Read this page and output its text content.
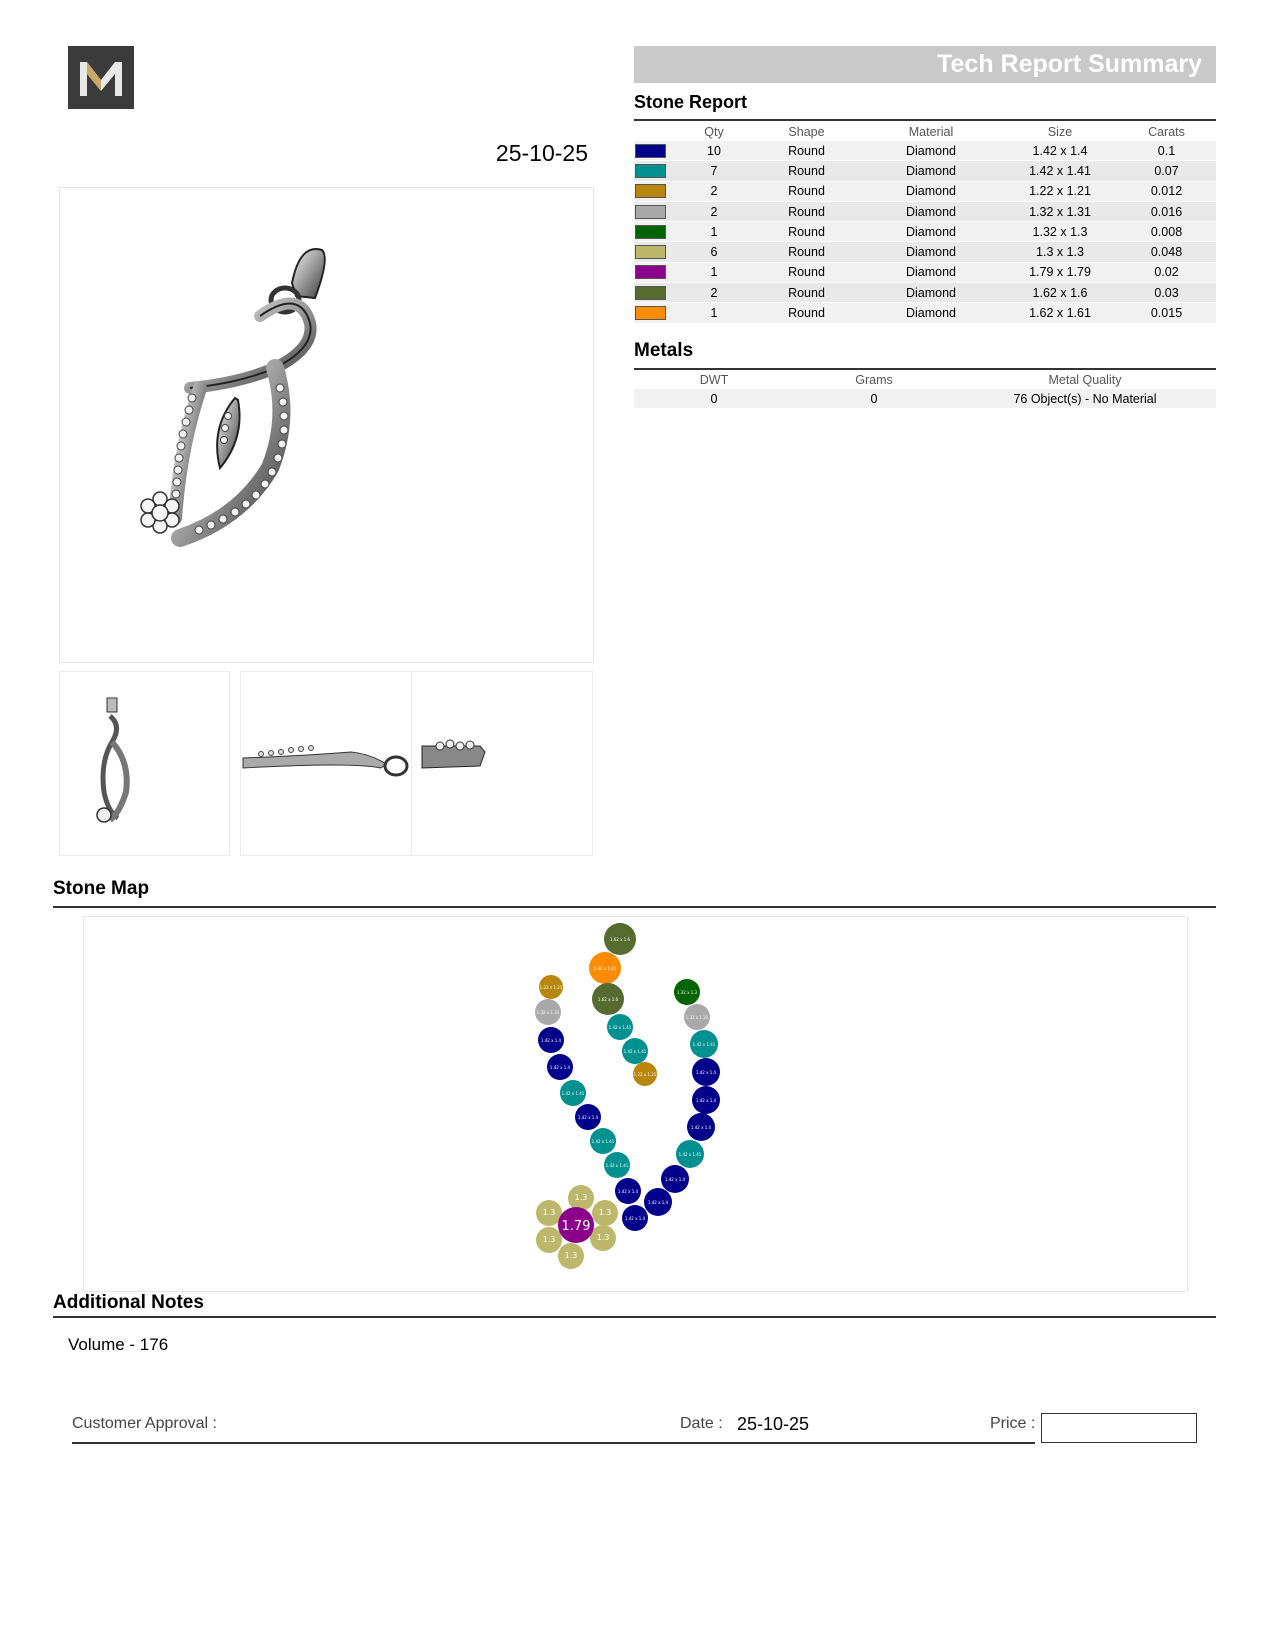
25-10-25
Tech Report Summary
Stone Report
	Qty	Shape	Material	Size	Carats

	10	Round	Diamond	1.42 x 1.4	0.1

	7	Round	Diamond	1.42 x 1.41	0.07

	2	Round	Diamond	1.22 x 1.21	0.012

	2	Round	Diamond	1.32 x 1.31	0.016

	1	Round	Diamond	1.32 x 1.3	0.008

	6	Round	Diamond	1.3 x 1.3	0.048

	1	Round	Diamond	1.79 x 1.79	0.02

	2	Round	Diamond	1.62 x 1.6	0.03

	1	Round	Diamond	1.62 x 1.61	0.015
Metals
DWT	Grams	Metal Quality
0	0	76 Object(s) - No Material
Stone Map
1.62 x 1.6
1.62 x 1.61
1.62 x 1.6
1.22 x 1.21
1.32 x 1.31
1.42 x 1.4
1.42 x 1.4
1.42 x 1.41
1.42 x 1.4
1.42 x 1.41
1.42 x 1.41
1.42 x 1.4
1.42 x 1.4
1.42 x 1.41
1.42 x 1.41
1.22 x 1.21
1.32 x 1.3
1.32 x 1.31
1.42 x 1.41
1.42 x 1.4
1.42 x 1.4
1.42 x 1.4
1.42 x 1.41
1.42 x 1.4
1.42 x 1.4
1.3
1.3
1.3
1.3
1.3
1.3
1.79
Additional Notes
Volume - 176
Customer Approval :	Date : 25-10-25	Price :
